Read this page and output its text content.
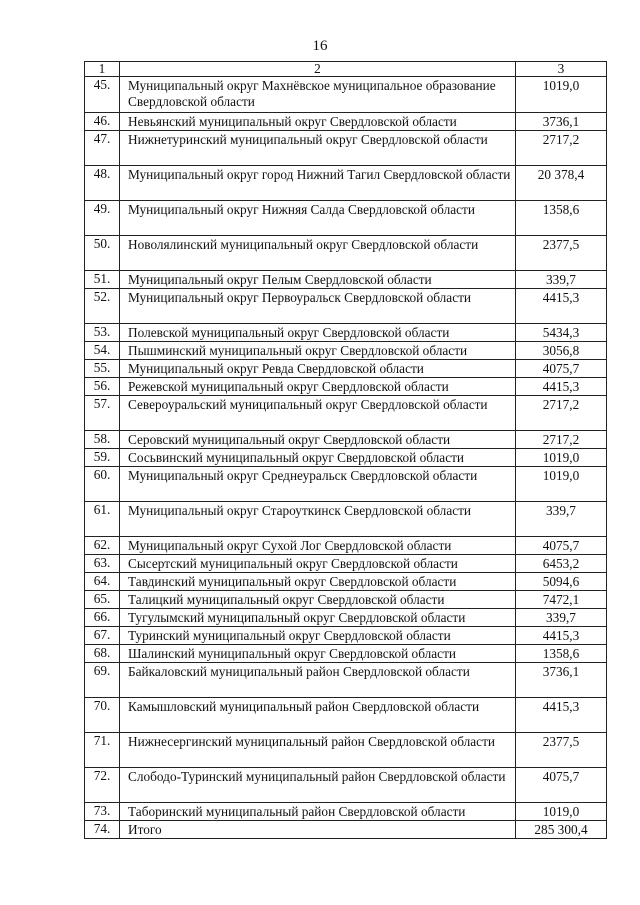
16
1	2	3
45.	Муниципальный округ Махнёвское муниципальное образование Свердловской области	1019,0
46.	Невьянский муниципальный округ Свердловской области	3736,1
47.	Нижнетуринский муниципальный округ Свердловской области	2717,2
48.	Муниципальный округ город Нижний Тагил Свердловской области	20 378,4
49.	Муниципальный округ Нижняя Салда Свердловской области	1358,6
50.	Новолялинский муниципальный округ Свердловской области	2377,5
51.	Муниципальный округ Пелым Свердловской области	339,7
52.	Муниципальный округ Первоуральск Свердловской области	4415,3
53.	Полевской муниципальный округ Свердловской области	5434,3
54.	Пышминский муниципальный округ Свердловской области	3056,8
55.	Муниципальный округ Ревда Свердловской области	4075,7
56.	Режевской муниципальный округ Свердловской области	4415,3
57.	Североуральский муниципальный округ Свердловской области	2717,2
58.	Серовский муниципальный округ Свердловской области	2717,2
59.	Сосьвинский муниципальный округ Свердловской области	1019,0
60.	Муниципальный округ Среднеуральск Свердловской области	1019,0
61.	Муниципальный округ Староуткинск Свердловской области	339,7
62.	Муниципальный округ Сухой Лог Свердловской области	4075,7
63.	Сысертский муниципальный округ Свердловской области	6453,2
64.	Тавдинский муниципальный округ Свердловской области	5094,6
65.	Талицкий муниципальный округ Свердловской области	7472,1
66.	Тугулымский муниципальный округ Свердловской области	339,7
67.	Туринский муниципальный округ Свердловской области	4415,3
68.	Шалинский муниципальный округ Свердловской области	1358,6
69.	Байкаловский муниципальный район Свердловской области	3736,1
70.	Камышловский муниципальный район Свердловской области	4415,3
71.	Нижнесергинский муниципальный район Свердловской области	2377,5
72.	Слободо-Туринский муниципальный район Свердловской области	4075,7
73.	Таборинский муниципальный район Свердловской области	1019,0
74.	Итого	285 300,4
